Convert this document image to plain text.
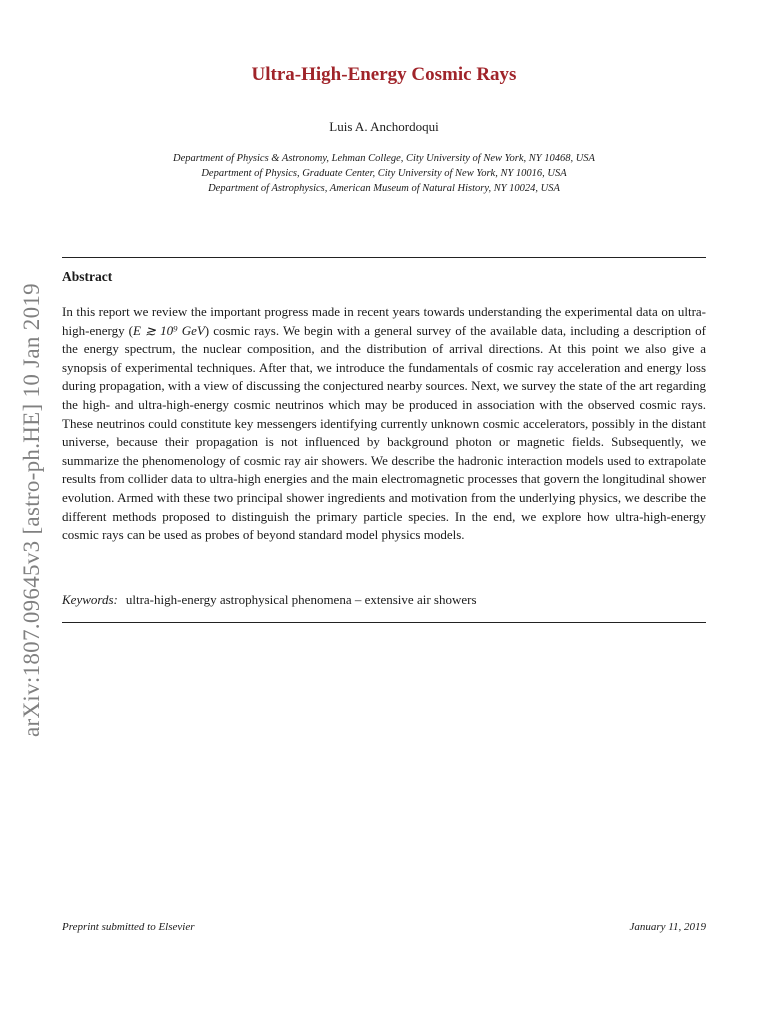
arXiv:1807.09645v3 [astro-ph.HE] 10 Jan 2019
Ultra-High-Energy Cosmic Rays
Luis A. Anchordoqui
Department of Physics & Astronomy, Lehman College, City University of New York, NY 10468, USA
Department of Physics, Graduate Center, City University of New York, NY 10016, USA
Department of Astrophysics, American Museum of Natural History, NY 10024, USA
Abstract
In this report we review the important progress made in recent years towards understanding the experimental data on ultra-high-energy (E ≳ 10⁹ GeV) cosmic rays. We begin with a general survey of the available data, including a description of the energy spectrum, the nuclear composition, and the distribution of arrival directions. At this point we also give a synopsis of experimental techniques. After that, we introduce the fundamentals of cosmic ray acceleration and energy loss during propagation, with a view of discussing the conjectured nearby sources. Next, we survey the state of the art regarding the high- and ultra-high-energy cosmic neutrinos which may be produced in association with the observed cosmic rays. These neutrinos could constitute key messengers identifying currently unknown cosmic accelerators, possibly in the distant universe, because their propagation is not influenced by background photon or magnetic fields. Subsequently, we summarize the phenomenology of cosmic ray air showers. We describe the hadronic interaction models used to extrapolate results from collider data to ultra-high energies and the main electromagnetic processes that govern the longitudinal shower evolution. Armed with these two principal shower ingredients and motivation from the underlying physics, we describe the different methods proposed to distinguish the primary particle species. In the end, we explore how ultra-high-energy cosmic rays can be used as probes of beyond standard model physics models.
Keywords: ultra-high-energy astrophysical phenomena – extensive air showers
Preprint submitted to Elsevier	January 11, 2019
